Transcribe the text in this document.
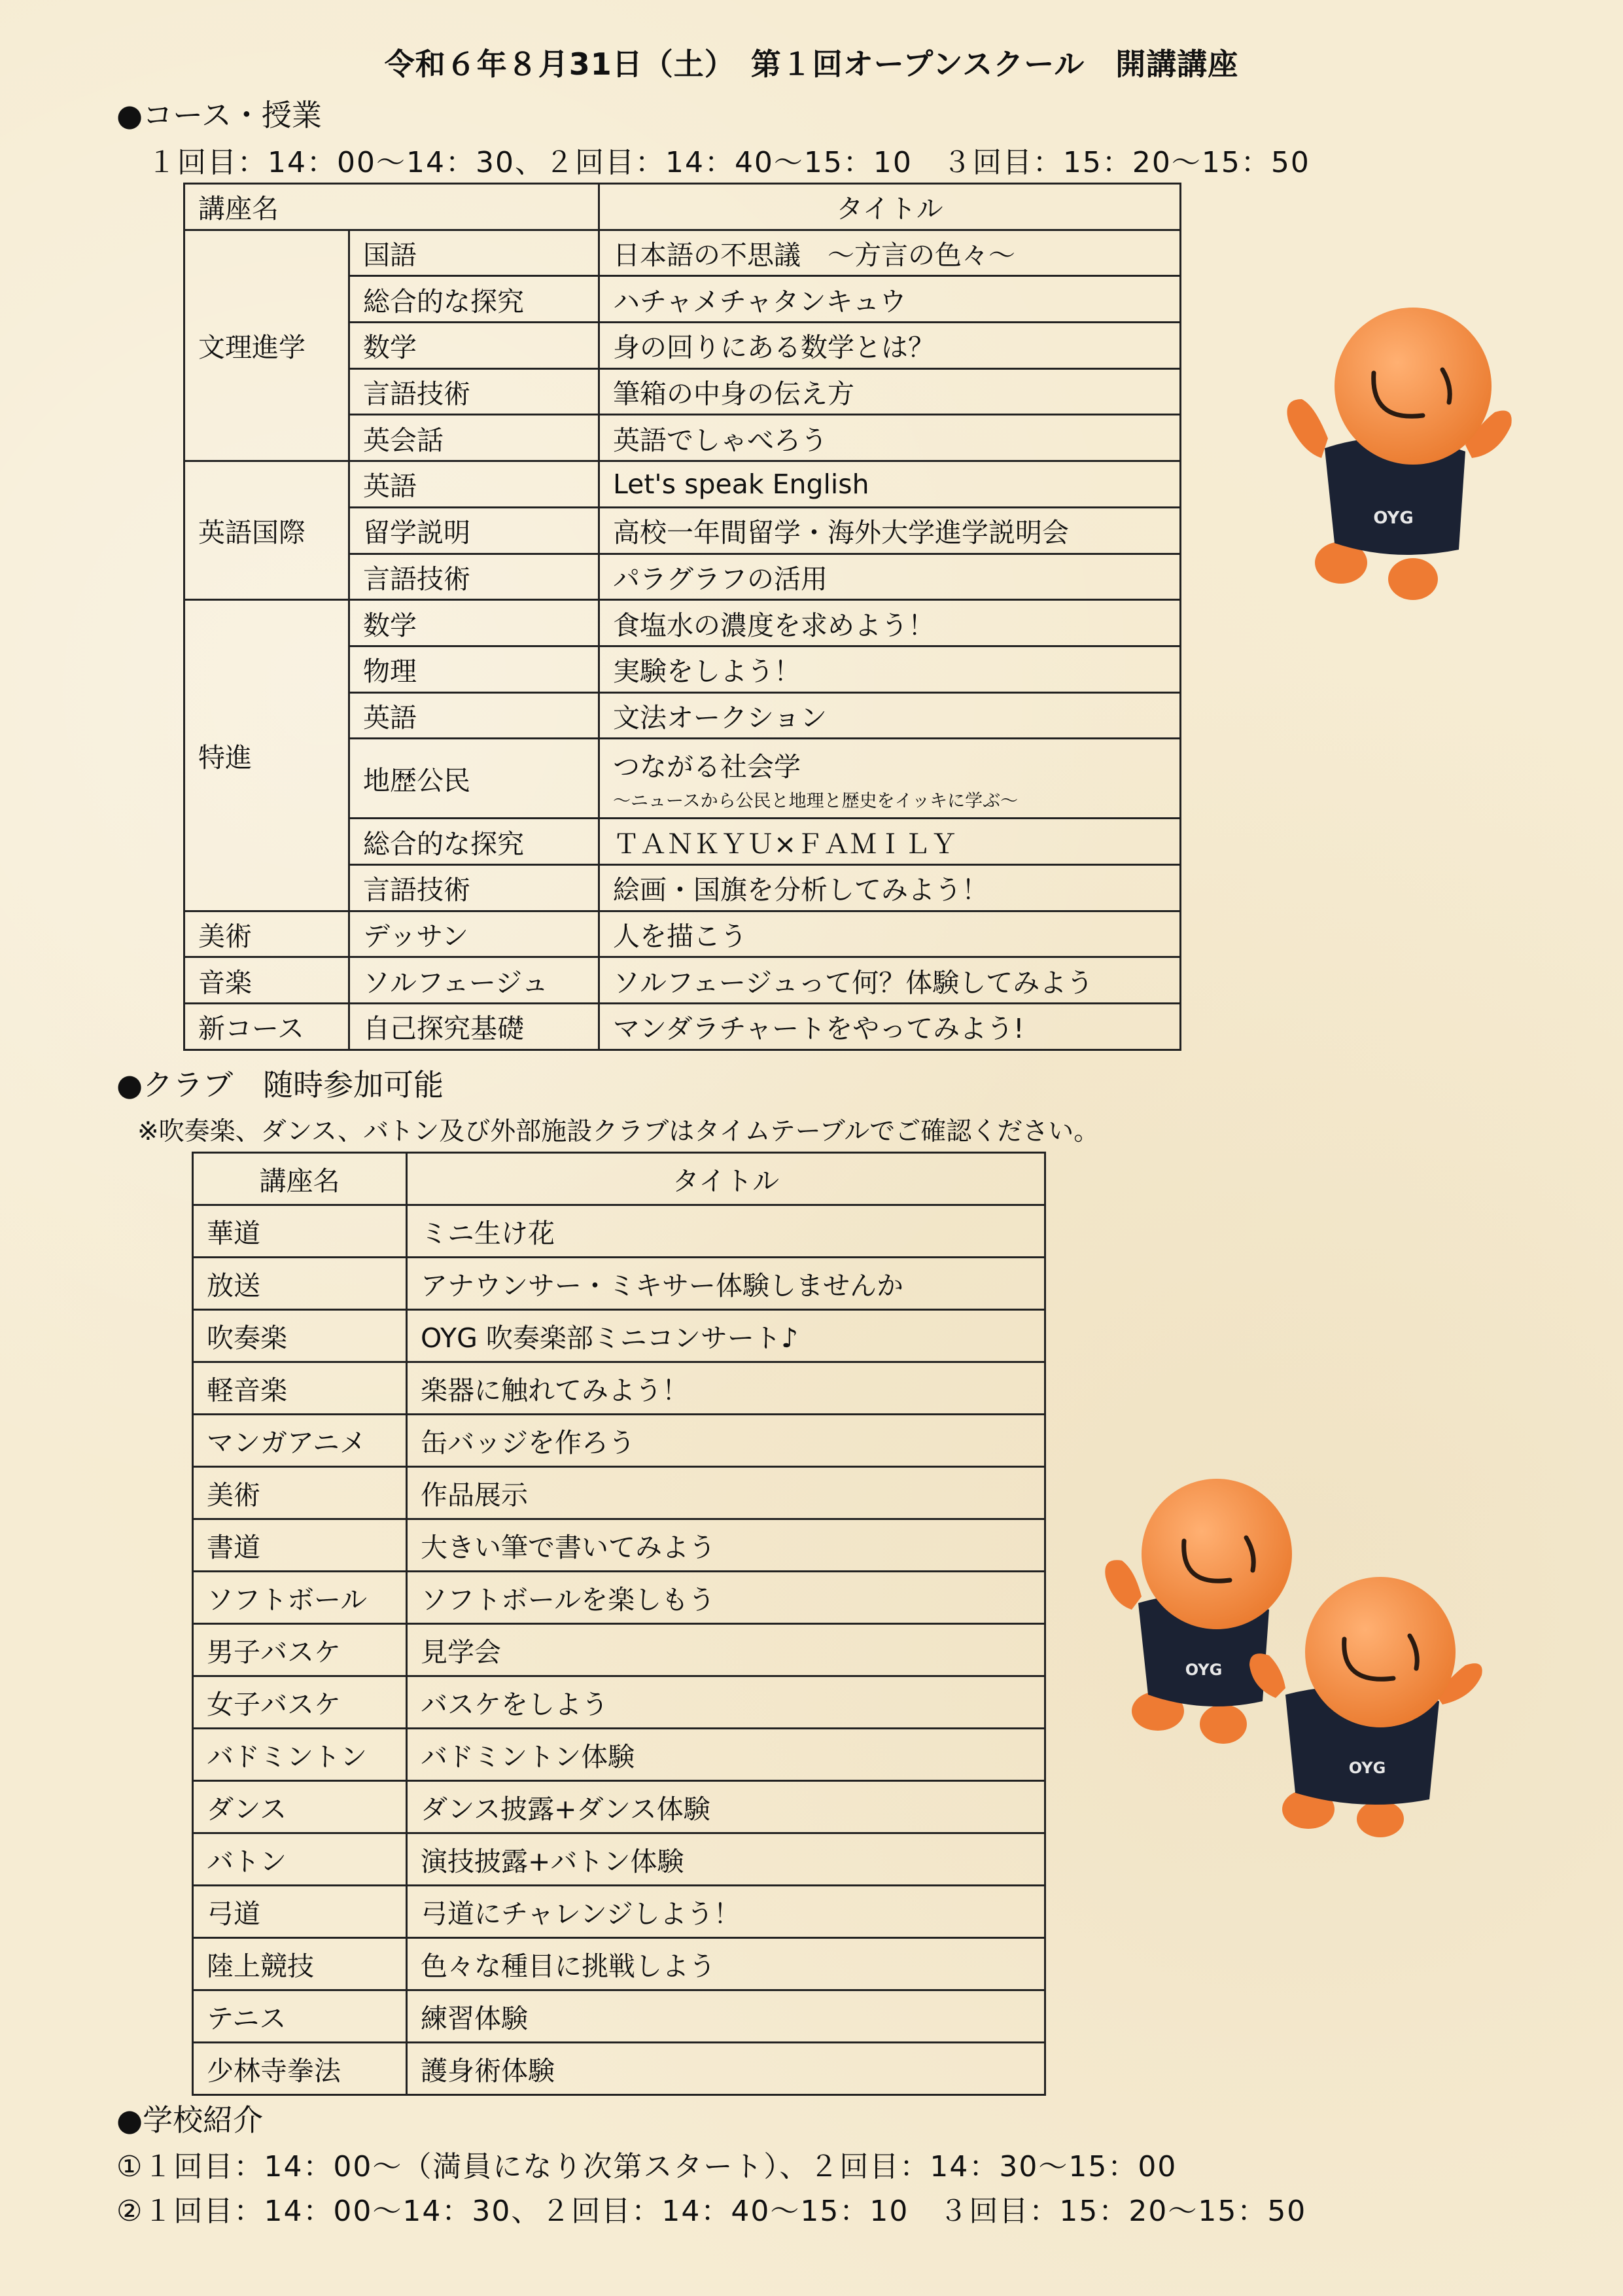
令和６年８月31日（土）　第１回オープンスクール　開講講座
●コース・授業
１回目：14：00～14：30、２回目：14：40～15：10　３回目：15：20～15：50
講座名		タイトル
文理進学	国語	日本語の不思議　～方言の色々～
	総合的な探究	ハチャメチャタンキュウ
	数学	身の回りにある数学とは？
	言語技術	筆箱の中身の伝え方
	英会話	英語でしゃべろう
英語国際	英語	Let's speak English
	留学説明	高校一年間留学・海外大学進学説明会
	言語技術	パラグラフの活用
特進	数学	食塩水の濃度を求めよう！
	物理	実験をしよう！
	英語	文法オークション
	地歴公民	つながる社会学
～ニュースから公民と地理と歴史をイッキに学ぶ～

	総合的な探究	ＴＡＮＫＹＵ×ＦＡＭＩＬＹ
	言語技術	絵画・国旗を分析してみよう！
美術	デッサン	人を描こう
音楽	ソルフェージュ	ソルフェージュって何？体験してみよう
新コース	自己探究基礎	マンダラチャートをやってみよう!
●クラブ　随時参加可能
※吹奏楽、ダンス、バトン及び外部施設クラブはタイムテーブルでご確認ください。
講座名	タイトル
華道	ミニ生け花
放送	アナウンサー・ミキサー体験しませんか
吹奏楽	OYG 吹奏楽部ミニコンサート♪
軽音楽	楽器に触れてみよう！
マンガアニメ	缶バッジを作ろう
美術	作品展示
書道	大きい筆で書いてみよう
ソフトボール	ソフトボールを楽しもう
男子バスケ	見学会
女子バスケ	バスケをしよう
バドミントン	バドミントン体験
ダンス	ダンス披露+ダンス体験
バトン	演技披露+バトン体験
弓道	弓道にチャレンジしよう！
陸上競技	色々な種目に挑戦しよう
テニス	練習体験
少林寺拳法	護身術体験
●学校紹介
①１回目：14：00～（満員になり次第スタート）、２回目：14：30～15：00
②１回目：14：00～14：30、２回目：14：40～15：10　３回目：15：20～15：50
OYG
OYG
OYG
